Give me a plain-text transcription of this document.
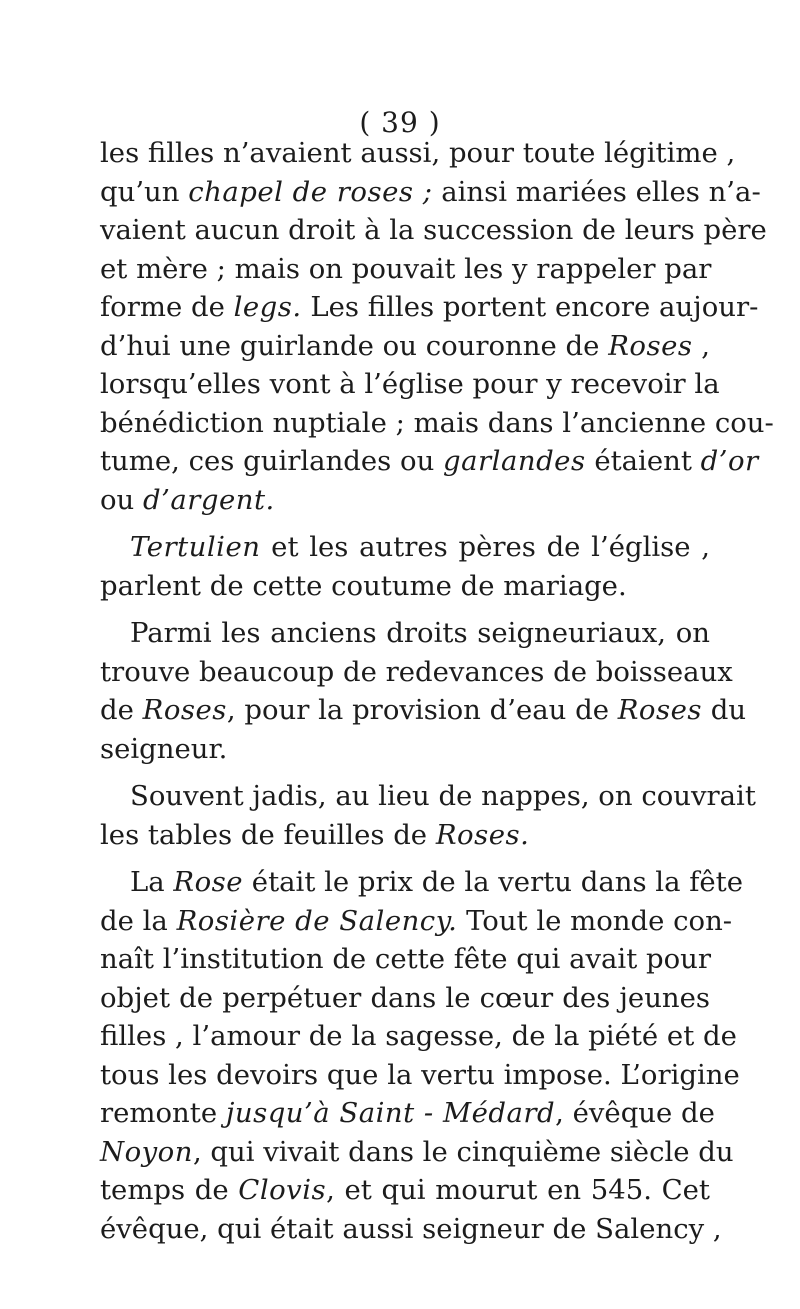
( 39 )

les filles n’avaient aussi, pour toute légitime ,
qu’un chapel de roses ; ainsi mariées elles n’a-
vaient aucun droit à la succession de leurs père
et mère ; mais on pouvait les y rappeler par
forme de legs. Les filles portent encore aujour-
d’hui une guirlande ou couronne de Roses ,
lorsqu’elles vont à l’église pour y recevoir la
bénédiction nuptiale ; mais dans l’ancienne cou-
tume, ces guirlandes ou garlandes étaient d’or
ou d’argent.

Tertulien et les autres pères de l’église ,
parlent de cette coutume de mariage.

Parmi les anciens droits seigneuriaux, on
trouve beaucoup de redevances de boisseaux
de Roses, pour la provision d’eau de Roses du
seigneur.

Souvent jadis, au lieu de nappes, on couvrait
les tables de feuilles de Roses.

La Rose était le prix de la vertu dans la fête
de la Rosière de Salency. Tout le monde con-
naît l’institution de cette fête qui avait pour
objet de perpétuer dans le cœur des jeunes
filles , l’amour de la sagesse, de la piété et de
tous les devoirs que la vertu impose. L’origine
remonte jusqu’à Saint - Médard, évêque de
Noyon, qui vivait dans le cinquième siècle du
temps de Clovis, et qui mourut en 545. Cet
évêque, qui était aussi seigneur de Salency ,
